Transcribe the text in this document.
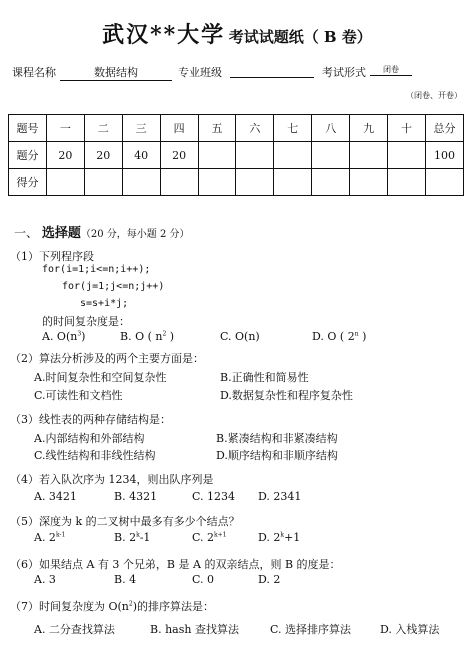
武汉**大学 考试试题纸（ B 卷）
课程名称	数据结构	专业班级	考试形式	闭卷
（闭卷、开卷）
题号	一	二	三	四	五	六	七	八	九	十	总分
题分	20	20	40	20							100
得分											
一、 选择题（20 分，每小题 2 分）
（1）下列程序段
for(i=1;i<=n;i++);
for(j=1;j<=n;j++)
s=s+i*j;
的时间复杂度是：
A. $O(n^3)$	B. O ( $n^2$ )	C. O(n)	D. O ( 2$^n$ )
（2）算法分析涉及的两个主要方面是：
A.时间复杂性和空间复杂性	B.正确性和简易性
C.可读性和文档性	D.数据复杂性和程序复杂性
（3）线性表的两种存储结构是：
A.内部结构和外部结构	B.紧凑结构和非紧凑结构
C.线性结构和非线性结构	D.顺序结构和非顺序结构
（4）若入队次序为 1234，则出队序列是
A. 3421	B. 4321	C. 1234 D. 2341
（5）深度为 k 的二叉树中最多有多少个结点？
A. 2$^{k-1}$	B. 2$^k$-1	C. $2^{k+1}$	D. $2^k+1$
（6）如果结点 A 有 3 个兄弟，B 是 A 的双亲结点，则 B 的度是：
A. 3	B. 4	C. 0	D. 2
（7）时间复杂度为 $O(n^2)$的排序算法是：
A. 二分查找算法	B. hash 查找算法	C. 选择排序算法	D. 入栈算法
